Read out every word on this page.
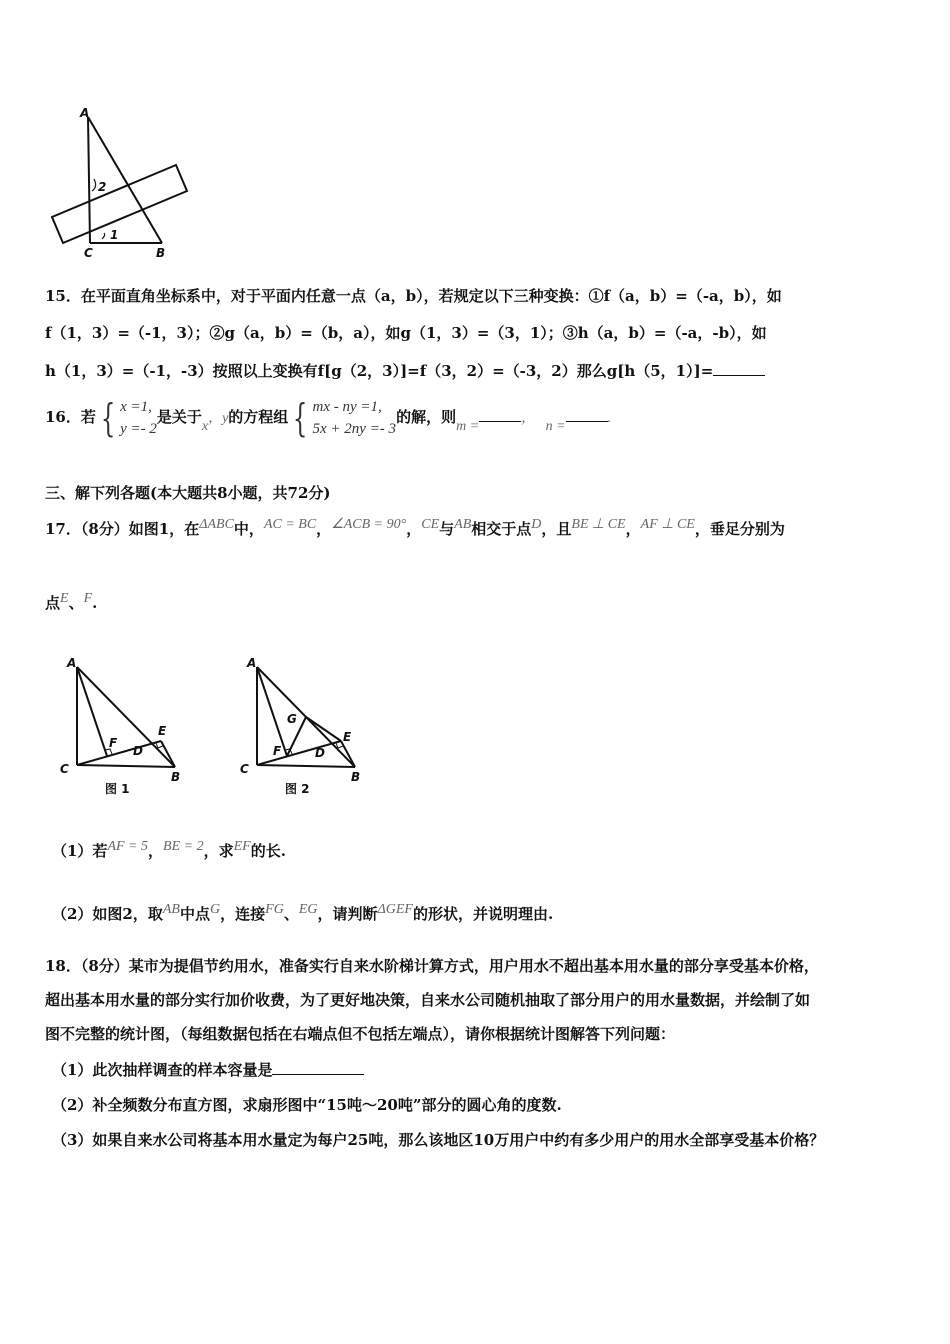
A
C	B
1
2
15．在平面直角坐标系中，对于平面内任意一点（a，b），若规定以下三种变换：①f（a，b）=（-a，b），如
f（1，3）=（-1，3）；②g（a，b）=（b，a），如g（1，3）=（3，1）；③h（a，b）=（-a，-b），如
h（1，3）=（-1，-3）按照以上变换有f[g（2，3）]=f（3，2）=（-3，2）那么g[h（5，1）]=
16．若 { x =1,
y =- 2是关于x，y的方程组 { mx - ny =1,
5x + 2ny =- 3的解，则m =，  n =.
三、解下列各题(本大题共8小题，共72分)
17．（8分）如图1，在ΔABC中，AC = BC，∠ACB = 90°，CE与AB相交于点D，且BE ⊥ CE，AF ⊥ CE，垂足分别为
点E、F.
A
C
B
F
D
E
图 1
A
C
B
G
F	D
E
图 2
（1）若AF = 5，BE = 2，求EF的长.
（2）如图2，取AB中点G，连接FG、EG，请判断ΔGEF的形状，并说明理由.
18．（8分）某市为提倡节约用水，准备实行自来水阶梯计算方式，用户用水不超出基本用水量的部分享受基本价格，
超出基本用水量的部分实行加价收费，为了更好地决策，自来水公司随机抽取了部分用户的用水量数据，并绘制了如
图不完整的统计图，（每组数据包括在右端点但不包括左端点），请你根据统计图解答下列问题：
（1）此次抽样调查的样本容量是
（2）补全频数分布直方图，求扇形图中“15吨～20吨”部分的圆心角的度数.
（3）如果自来水公司将基本用水量定为每户25吨，那么该地区10万用户中约有多少用户的用水全部享受基本价格？
